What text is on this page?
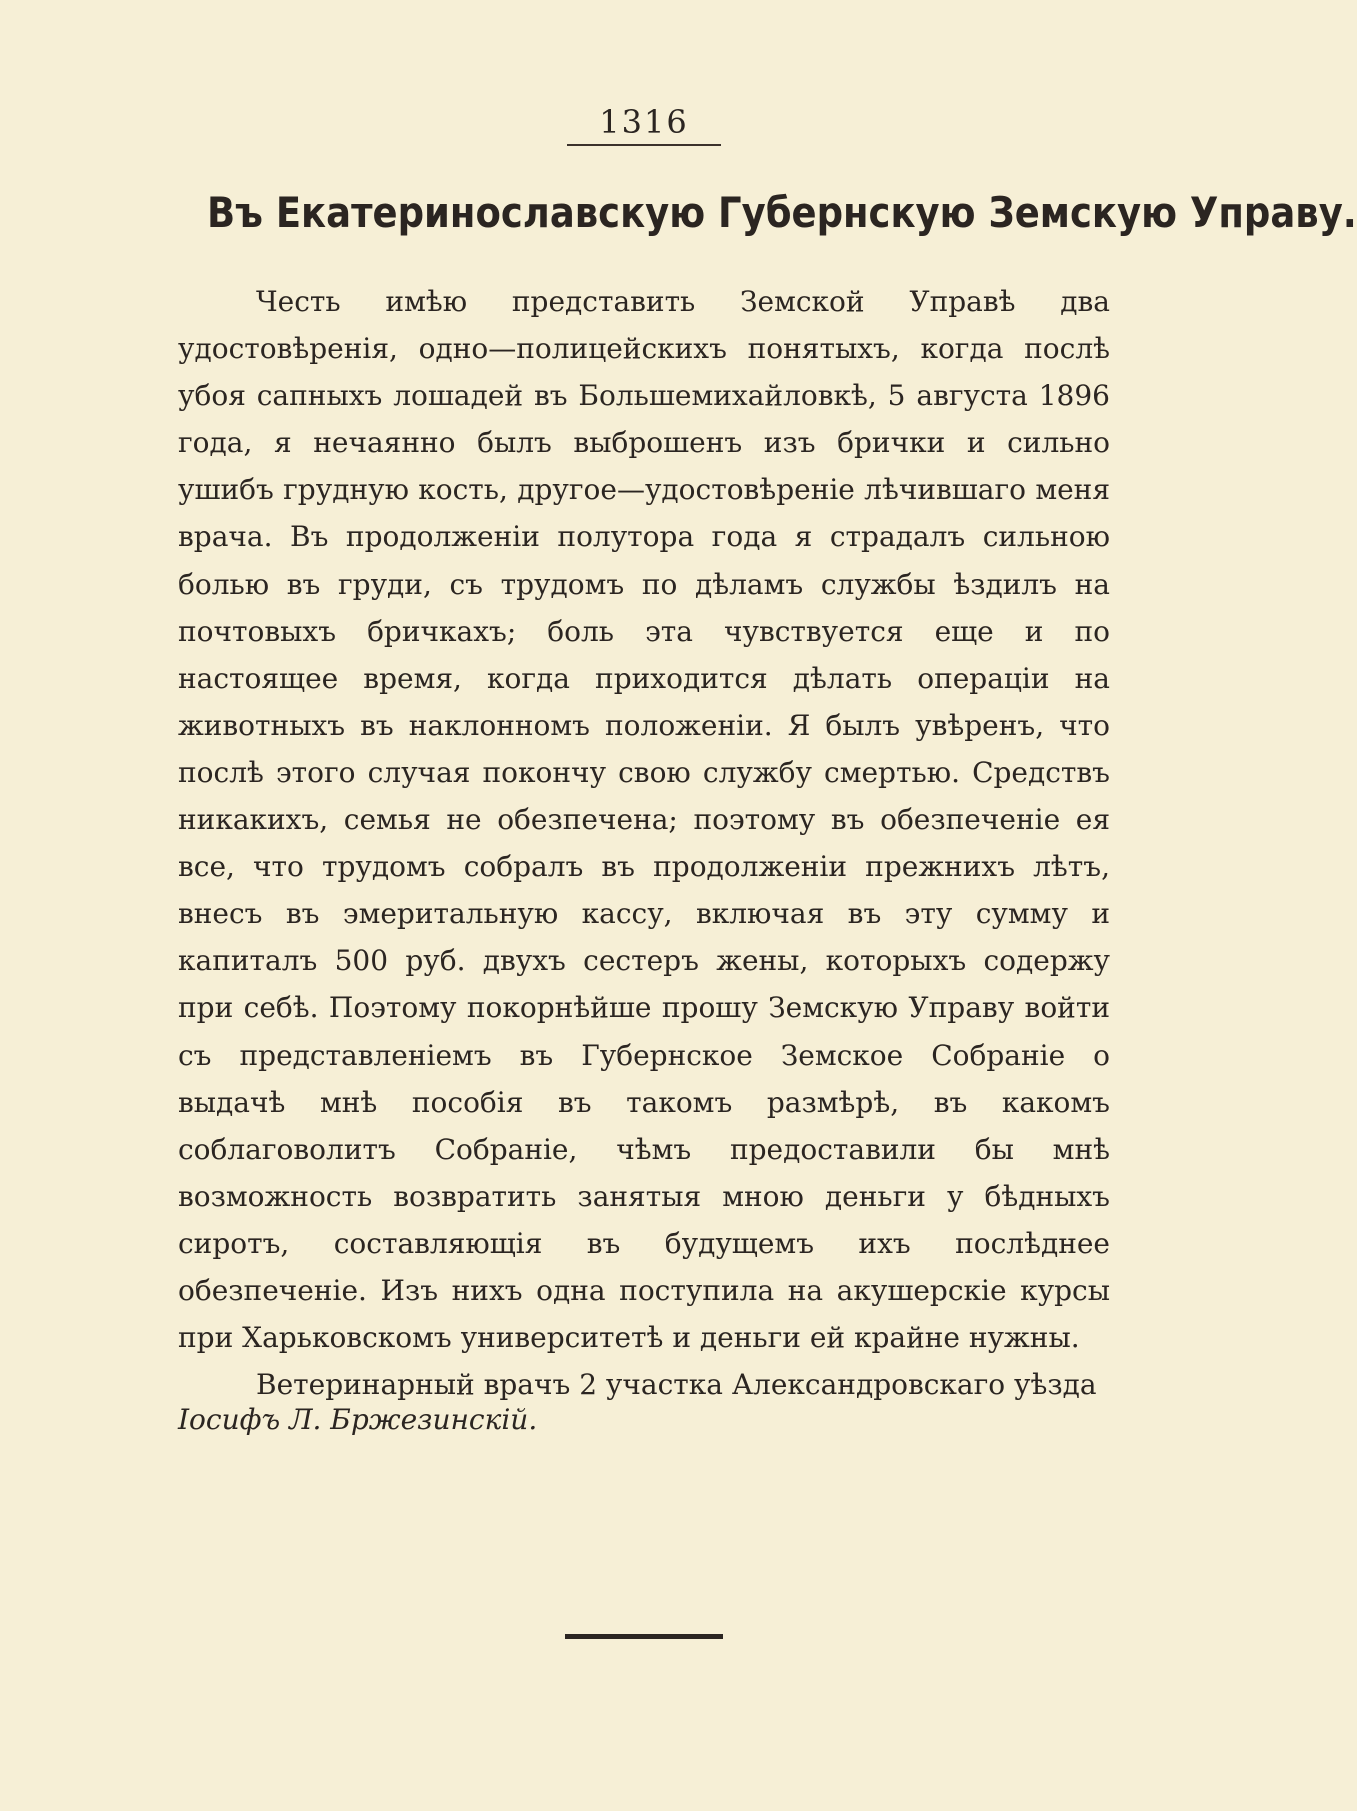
1316
Въ Екатеринославскую Губернскую Земскую Управу.

Честь имѣю представить Земской Управѣ два удостовѣренія, одно—полицейскихъ понятыхъ, когда послѣ убоя сапныхъ лошадей въ Большемихайловкѣ, 5 августа 1896 года, я нечаянно былъ выброшенъ изъ брички и сильно ушибъ грудную кость, другое—удостовѣреніе лѣчившаго меня врача. Въ продолженіи полутора года я страдалъ сильною болью въ груди, съ трудомъ по дѣламъ службы ѣздилъ на почтовыхъ бричкахъ; боль эта чувствуется еще и по настоящее время, когда приходится дѣлать операціи на животныхъ въ наклонномъ положеніи. Я былъ увѣренъ, что послѣ этого случая покончу свою службу смертью. Средствъ никакихъ, семья не обезпечена; поэтому въ обезпеченіе ея все, что трудомъ собралъ въ продолженіи прежнихъ лѣтъ, внесъ въ эмеритальную кассу, включая въ эту сумму и капиталъ 500 руб. двухъ сестеръ жены, которыхъ содержу при себѣ. Поэтому покорнѣйше прошу Земскую Управу войти съ представленіемъ въ Губернское Земское Собраніе о выдачѣ мнѣ пособія въ такомъ размѣрѣ, въ какомъ соблаговолитъ Собраніе, чѣмъ предоставили бы мнѣ возможность возвратить занятыя мною деньги у бѣдныхъ сиротъ, составляющія въ будущемъ ихъ послѣднее обезпеченіе. Изъ нихъ одна поступила на акушерскіе курсы при Харьковскомъ университетѣ и деньги ей крайне нужны.

Ветеринарный врачъ 2 участка Александровскаго уѣзда

Іосифъ Л. Бржезинскій.
